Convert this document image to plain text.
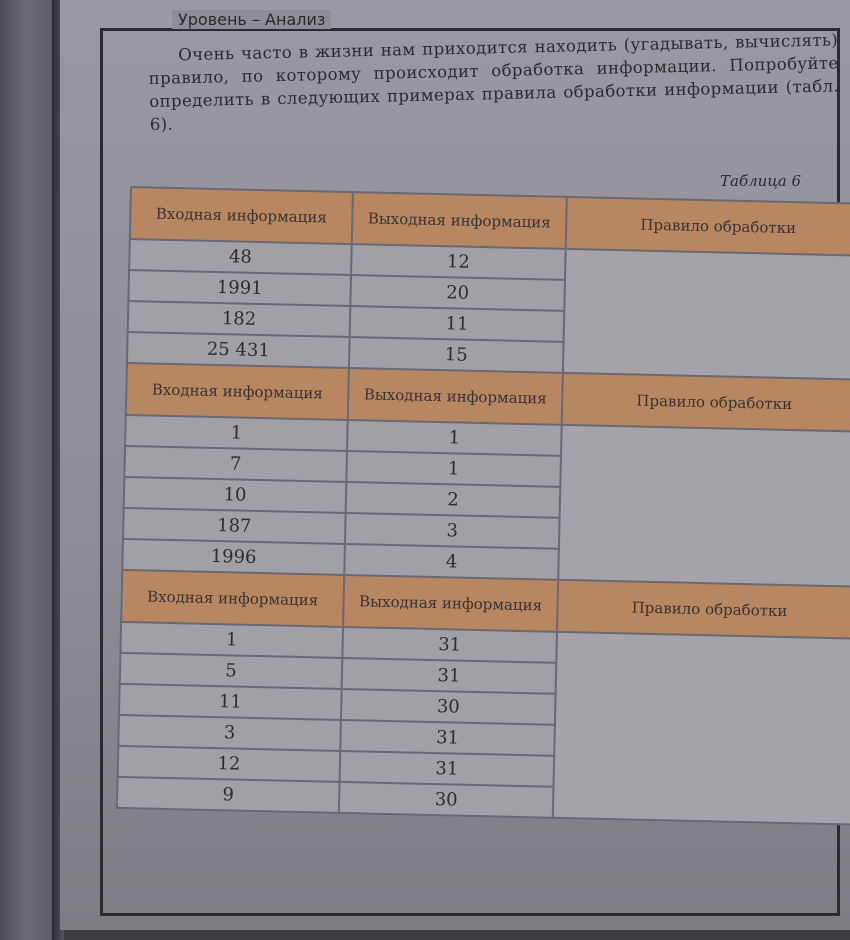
Уровень – Анализ

Очень часто в жизни нам приходится находить (угадывать, вычислять) правило, по которому происходит обработка информации. Попробуйте определить в следующих примерах правила обработки информации (табл. 6).

Таблица 6
Входная информация	Выходная информация	Правило обработки
48	12	
1991	20	
182	11	
25 431	15	
Входная информация	Выходная информация	Правило обработки
1	1	
7	1	
10	2	
187	3	
1996	4	
Входная информация	Выходная информация	Правило обработки
1	31	
5	31	
11	30	
3	31	
12	31	
9	30	
